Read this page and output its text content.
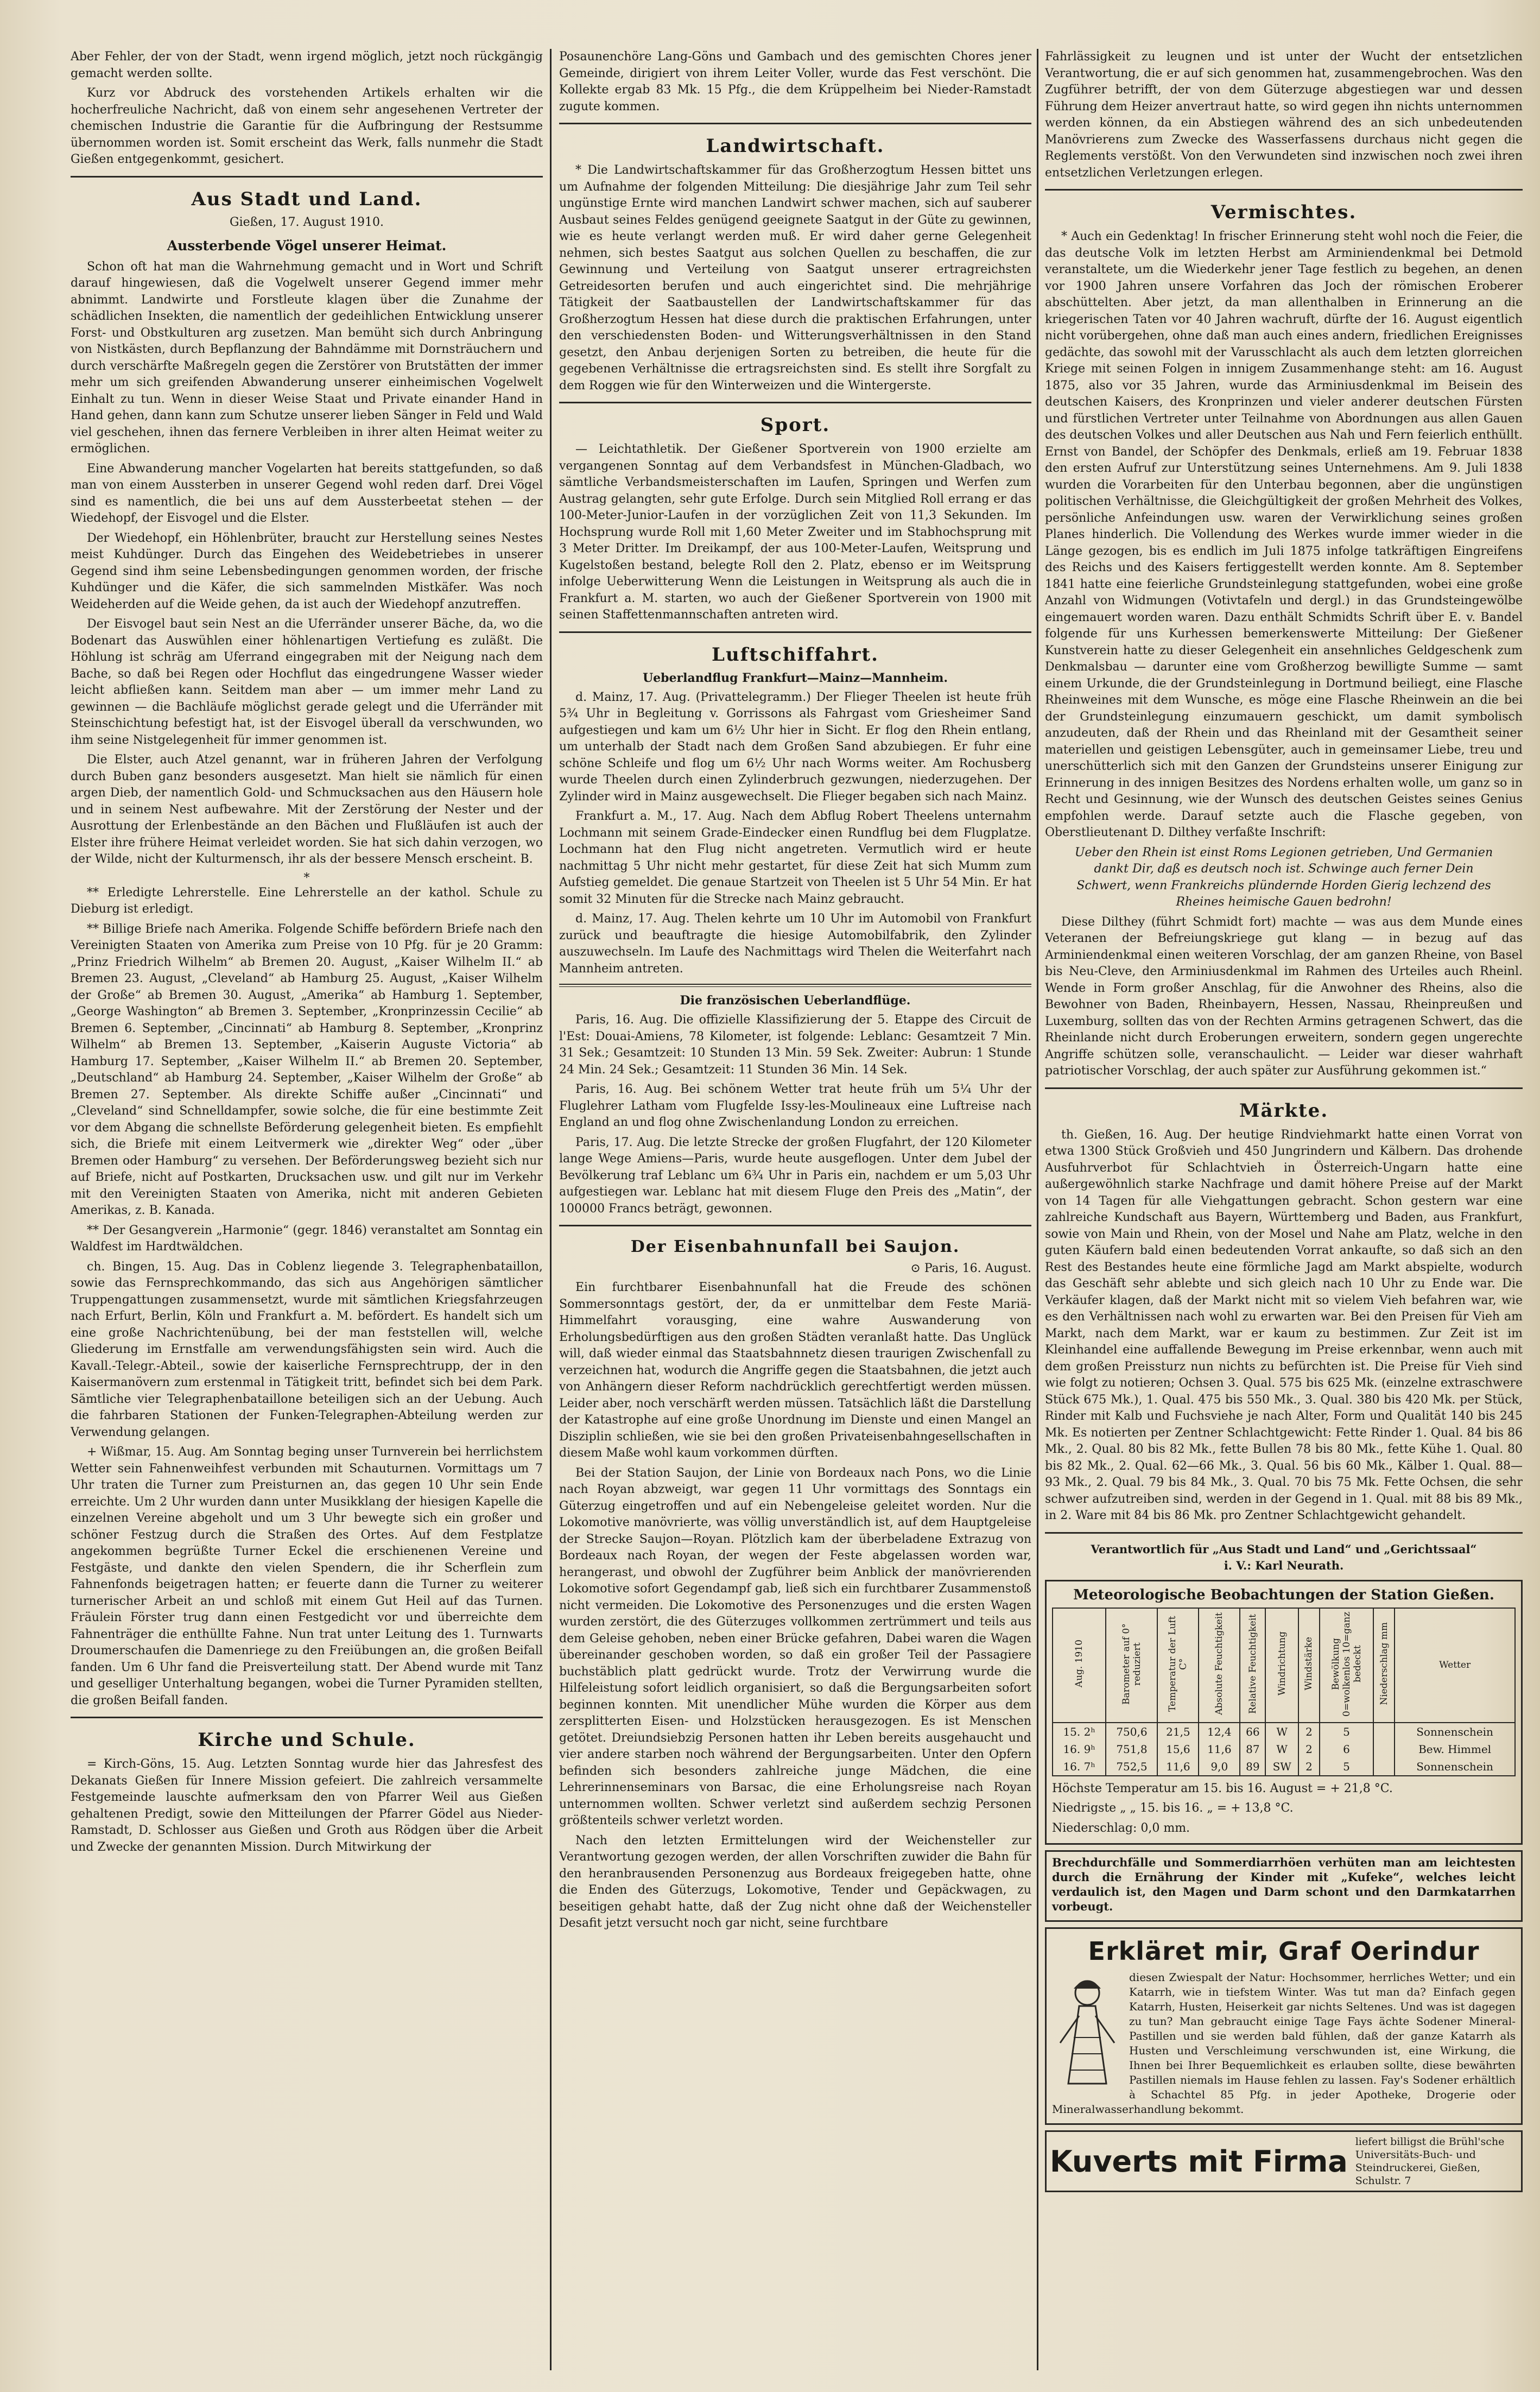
Aber Fehler, der von der Stadt, wenn irgend möglich, jetzt noch rückgängig gemacht werden sollte.

Kurz vor Abdruck des vorstehenden Artikels erhalten wir die hocherfreuliche Nachricht, daß von einem sehr angesehenen Vertreter der chemischen Industrie die Garantie für die Aufbringung der Restsumme übernommen worden ist. Somit erscheint das Werk, falls nunmehr die Stadt Gießen entgegenkommt, gesichert.

Aus Stadt und Land.
Gießen, 17. August 1910.
Aussterbende Vögel unserer Heimat.

Schon oft hat man die Wahrnehmung gemacht und in Wort und Schrift darauf hingewiesen, daß die Vogelwelt unserer Gegend immer mehr abnimmt. Landwirte und Forstleute klagen über die Zunahme der schädlichen Insekten, die namentlich der gedeihlichen Entwicklung unserer Forst- und Obstkulturen arg zusetzen. Man bemüht sich durch Anbringung von Nistkästen, durch Bepflanzung der Bahndämme mit Dornsträuchern und durch verschärfte Maßregeln gegen die Zerstörer von Brutstätten der immer mehr um sich greifenden Abwanderung unserer einheimischen Vogelwelt Einhalt zu tun. Wenn in dieser Weise Staat und Private einander Hand in Hand gehen, dann kann zum Schutze unserer lieben Sänger in Feld und Wald viel geschehen, ihnen das fernere Verbleiben in ihrer alten Heimat weiter zu ermöglichen.

Eine Abwanderung mancher Vogelarten hat bereits stattgefunden, so daß man von einem Aussterben in unserer Gegend wohl reden darf. Drei Vögel sind es namentlich, die bei uns auf dem Aussterbeetat stehen — der Wiedehopf, der Eisvogel und die Elster.

Der Wiedehopf, ein Höhlenbrüter, braucht zur Herstellung seines Nestes meist Kuhdünger. Durch das Eingehen des Weidebetriebes in unserer Gegend sind ihm seine Lebensbedingungen genommen worden, der frische Kuhdünger und die Käfer, die sich sammelnden Mistkäfer. Was noch Weideherden auf die Weide gehen, da ist auch der Wiedehopf anzutreffen.

Der Eisvogel baut sein Nest an die Uferränder unserer Bäche, da, wo die Bodenart das Auswühlen einer höhlenartigen Vertiefung es zuläßt. Die Höhlung ist schräg am Uferrand eingegraben mit der Neigung nach dem Bache, so daß bei Regen oder Hochflut das eingedrungene Wasser wieder leicht abfließen kann. Seitdem man aber — um immer mehr Land zu gewinnen — die Bachläufe möglichst gerade gelegt und die Uferränder mit Steinschichtung befestigt hat, ist der Eisvogel überall da verschwunden, wo ihm seine Nistgelegenheit für immer genommen ist.

Die Elster, auch Atzel genannt, war in früheren Jahren der Verfolgung durch Buben ganz besonders ausgesetzt. Man hielt sie nämlich für einen argen Dieb, der namentlich Gold- und Schmucksachen aus den Häusern hole und in seinem Nest aufbewahre. Mit der Zerstörung der Nester und der Ausrottung der Erlenbestände an den Bächen und Flußläufen ist auch der Elster ihre frühere Heimat verleidet worden. Sie hat sich dahin verzogen, wo der Wilde, nicht der Kulturmensch, ihr als der bessere Mensch erscheint. B.

*

** Erledigte Lehrerstelle. Eine Lehrerstelle an der kathol. Schule zu Dieburg ist erledigt.

** Billige Briefe nach Amerika. Folgende Schiffe befördern Briefe nach den Vereinigten Staaten von Amerika zum Preise von 10 Pfg. für je 20 Gramm: „Prinz Friedrich Wilhelm“ ab Bremen 20. August, „Kaiser Wilhelm II.“ ab Bremen 23. August, „Cleveland“ ab Hamburg 25. August, „Kaiser Wilhelm der Große“ ab Bremen 30. August, „Amerika“ ab Hamburg 1. September, „George Washington“ ab Bremen 3. September, „Kronprinzessin Cecilie“ ab Bremen 6. September, „Cincinnati“ ab Hamburg 8. September, „Kronprinz Wilhelm“ ab Bremen 13. September, „Kaiserin Auguste Victoria“ ab Hamburg 17. September, „Kaiser Wilhelm II.“ ab Bremen 20. September, „Deutschland“ ab Hamburg 24. September, „Kaiser Wilhelm der Große“ ab Bremen 27. September. Als direkte Schiffe außer „Cincinnati“ und „Cleveland“ sind Schnelldampfer, sowie solche, die für eine bestimmte Zeit vor dem Abgang die schnellste Beförderung gelegenheit bieten. Es empfiehlt sich, die Briefe mit einem Leitvermerk wie „direkter Weg“ oder „über Bremen oder Hamburg“ zu versehen. Der Beförderungsweg bezieht sich nur auf Briefe, nicht auf Postkarten, Drucksachen usw. und gilt nur im Verkehr mit den Vereinigten Staaten von Amerika, nicht mit anderen Gebieten Amerikas, z. B. Kanada.

** Der Gesangverein „Harmonie“ (gegr. 1846) veranstaltet am Sonntag ein Waldfest im Hardtwäldchen.

ch. Bingen, 15. Aug. Das in Coblenz liegende 3. Telegraphenbataillon, sowie das Fernsprechkommando, das sich aus Angehörigen sämtlicher Truppengattungen zusammensetzt, wurde mit sämtlichen Kriegsfahrzeugen nach Erfurt, Berlin, Köln und Frankfurt a. M. befördert. Es handelt sich um eine große Nachrichtenübung, bei der man feststellen will, welche Gliederung im Ernstfalle am verwendungsfähigsten sein wird. Auch die Kavall.-Telegr.-Abteil., sowie der kaiserliche Fernsprechtrupp, der in den Kaisermanövern zum erstenmal in Tätigkeit tritt, befindet sich bei dem Park. Sämtliche vier Telegraphenbataillone beteiligen sich an der Uebung. Auch die fahrbaren Stationen der Funken-Telegraphen-Abteilung werden zur Verwendung gelangen.

+ Wißmar, 15. Aug. Am Sonntag beging unser Turnverein bei herrlichstem Wetter sein Fahnenweihfest verbunden mit Schauturnen. Vormittags um 7 Uhr traten die Turner zum Preisturnen an, das gegen 10 Uhr sein Ende erreichte. Um 2 Uhr wurden dann unter Musikklang der hiesigen Kapelle die einzelnen Vereine abgeholt und um 3 Uhr bewegte sich ein großer und schöner Festzug durch die Straßen des Ortes. Auf dem Festplatze angekommen begrüßte Turner Eckel die erschienenen Vereine und Festgäste, und dankte den vielen Spendern, die ihr Scherflein zum Fahnenfonds beigetragen hatten; er feuerte dann die Turner zu weiterer turnerischer Arbeit an und schloß mit einem Gut Heil auf das Turnen. Fräulein Förster trug dann einen Festgedicht vor und überreichte dem Fahnenträger die enthüllte Fahne. Nun trat unter Leitung des 1. Turnwarts Droumerschaufen die Damenriege zu den Freiübungen an, die großen Beifall fanden. Um 6 Uhr fand die Preisverteilung statt. Der Abend wurde mit Tanz und geselliger Unterhaltung begangen, wobei die Turner Pyramiden stellten, die großen Beifall fanden.

Kirche und Schule.

= Kirch-Göns, 15. Aug. Letzten Sonntag wurde hier das Jahresfest des Dekanats Gießen für Innere Mission gefeiert. Die zahlreich versammelte Festgemeinde lauschte aufmerksam den von Pfarrer Weil aus Gießen gehaltenen Predigt, sowie den Mitteilungen der Pfarrer Gödel aus Nieder-Ramstadt, D. Schlosser aus Gießen und Groth aus Rödgen über die Arbeit und Zwecke der genannten Mission. Durch Mitwirkung der

Posaunenchöre Lang-Göns und Gambach und des gemischten Chores jener Gemeinde, dirigiert von ihrem Leiter Voller, wurde das Fest verschönt. Die Kollekte ergab 83 Mk. 15 Pfg., die dem Krüppelheim bei Nieder-Ramstadt zugute kommen.

Landwirtschaft.

* Die Landwirtschaftskammer für das Großherzogtum Hessen bittet uns um Aufnahme der folgenden Mitteilung: Die diesjährige Jahr zum Teil sehr ungünstige Ernte wird manchen Landwirt schwer machen, sich auf sauberer Ausbaut seines Feldes genügend geeignete Saatgut in der Güte zu gewinnen, wie es heute verlangt werden muß. Er wird daher gerne Gelegenheit nehmen, sich bestes Saatgut aus solchen Quellen zu beschaffen, die zur Gewinnung und Verteilung von Saatgut unserer ertragreichsten Getreidesorten berufen und auch eingerichtet sind. Die mehrjährige Tätigkeit der Saatbaustellen der Landwirtschaftskammer für das Großherzogtum Hessen hat diese durch die praktischen Erfahrungen, unter den verschiedensten Boden- und Witterungsverhältnissen in den Stand gesetzt, den Anbau derjenigen Sorten zu betreiben, die heute für die gegebenen Verhältnisse die ertragsreichsten sind. Es stellt ihre Sorgfalt zu dem Roggen wie für den Winterweizen und die Wintergerste.

Sport.

— Leichtathletik. Der Gießener Sportverein von 1900 erzielte am vergangenen Sonntag auf dem Verbandsfest in München-Gladbach, wo sämtliche Verbandsmeisterschaften im Laufen, Springen und Werfen zum Austrag gelangten, sehr gute Erfolge. Durch sein Mitglied Roll errang er das 100-Meter-Junior-Laufen in der vorzüglichen Zeit von 11,3 Sekunden. Im Hochsprung wurde Roll mit 1,60 Meter Zweiter und im Stabhochsprung mit 3 Meter Dritter. Im Dreikampf, der aus 100-Meter-Laufen, Weitsprung und Kugelstoßen bestand, belegte Roll den 2. Platz, ebenso er im Weitsprung infolge Ueberwitterung Wenn die Leistungen in Weitsprung als auch die in Frankfurt a. M. starten, wo auch der Gießener Sportverein von 1900 mit seinen Staffettenmannschaften antreten wird.

Luftschiffahrt.
Ueberlandflug Frankfurt—Mainz—Mannheim.

d. Mainz, 17. Aug. (Privattelegramm.) Der Flieger Theelen ist heute früh 5¾ Uhr in Begleitung v. Gorrissons als Fahrgast vom Griesheimer Sand aufgestiegen und kam um 6½ Uhr hier in Sicht. Er flog den Rhein entlang, um unterhalb der Stadt nach dem Großen Sand abzubiegen. Er fuhr eine schöne Schleife und flog um 6½ Uhr nach Worms weiter. Am Rochusberg wurde Theelen durch einen Zylinderbruch gezwungen, niederzugehen. Der Zylinder wird in Mainz ausgewechselt. Die Flieger begaben sich nach Mainz.

Frankfurt a. M., 17. Aug. Nach dem Abflug Robert Theelens unternahm Lochmann mit seinem Grade-Eindecker einen Rundflug bei dem Flugplatze. Lochmann hat den Flug nicht angetreten. Vermutlich wird er heute nachmittag 5 Uhr nicht mehr gestartet, für diese Zeit hat sich Mumm zum Aufstieg gemeldet. Die genaue Startzeit von Theelen ist 5 Uhr 54 Min. Er hat somit 32 Minuten für die Strecke nach Mainz gebraucht.

d. Mainz, 17. Aug. Thelen kehrte um 10 Uhr im Automobil von Frankfurt zurück und beauftragte die hiesige Automobilfabrik, den Zylinder auszuwechseln. Im Laufe des Nachmittags wird Thelen die Weiterfahrt nach Mannheim antreten.

Die französischen Ueberlandflüge.

Paris, 16. Aug. Die offizielle Klassifizierung der 5. Etappe des Circuit de l'Est: Douai-Amiens, 78 Kilometer, ist folgende: Leblanc: Gesamtzeit 7 Min. 31 Sek.; Gesamtzeit: 10 Stunden 13 Min. 59 Sek. Zweiter: Aubrun: 1 Stunde 24 Min. 24 Sek.; Gesamtzeit: 11 Stunden 36 Min. 14 Sek.

Paris, 16. Aug. Bei schönem Wetter trat heute früh um 5¼ Uhr der Fluglehrer Latham vom Flugfelde Issy-les-Moulineaux eine Luftreise nach England an und flog ohne Zwischenlandung London zu erreichen.

Paris, 17. Aug. Die letzte Strecke der großen Flugfahrt, der 120 Kilometer lange Wege Amiens—Paris, wurde heute ausgeflogen. Unter dem Jubel der Bevölkerung traf Leblanc um 6¾ Uhr in Paris ein, nachdem er um 5,03 Uhr aufgestiegen war. Leblanc hat mit diesem Fluge den Preis des „Matin“, der 100000 Francs beträgt, gewonnen.

Der Eisenbahnunfall bei Saujon.
⊙ Paris, 16. August.

Ein furchtbarer Eisenbahnunfall hat die Freude des schönen Sommersonntags gestört, der, da er unmittelbar dem Feste Mariä-Himmelfahrt vorausging, eine wahre Auswanderung von Erholungsbedürftigen aus den großen Städten veranlaßt hatte. Das Unglück will, daß wieder einmal das Staatsbahnnetz diesen traurigen Zwischenfall zu verzeichnen hat, wodurch die Angriffe gegen die Staatsbahnen, die jetzt auch von Anhängern dieser Reform nachdrücklich gerechtfertigt werden müssen. Leider aber, noch verschärft werden müssen. Tatsächlich läßt die Darstellung der Katastrophe auf eine große Unordnung im Dienste und einen Mangel an Disziplin schließen, wie sie bei den großen Privateisenbahngesellschaften in diesem Maße wohl kaum vorkommen dürften.

Bei der Station Saujon, der Linie von Bordeaux nach Pons, wo die Linie nach Royan abzweigt, war gegen 11 Uhr vormittags des Sonntags ein Güterzug eingetroffen und auf ein Nebengeleise geleitet worden. Nur die Lokomotive manövrierte, was völlig unverständlich ist, auf dem Hauptgeleise der Strecke Saujon—Royan. Plötzlich kam der überbeladene Extrazug von Bordeaux nach Royan, der wegen der Feste abgelassen worden war, herangerast, und obwohl der Zugführer beim Anblick der manövrierenden Lokomotive sofort Gegendampf gab, ließ sich ein furchtbarer Zusammenstoß nicht vermeiden. Die Lokomotive des Personenzuges und die ersten Wagen wurden zerstört, die des Güterzuges vollkommen zertrümmert und teils aus dem Geleise gehoben, neben einer Brücke gefahren, Dabei waren die Wagen übereinander geschoben worden, so daß ein großer Teil der Passagiere buchstäblich platt gedrückt wurde. Trotz der Verwirrung wurde die Hilfeleistung sofort leidlich organisiert, so daß die Bergungsarbeiten sofort beginnen konnten. Mit unendlicher Mühe wurden die Körper aus dem zersplitterten Eisen- und Holzstücken herausgezogen. Es ist Menschen getötet. Dreiundsiebzig Personen hatten ihr Leben bereits ausgehaucht und vier andere starben noch während der Bergungsarbeiten. Unter den Opfern befinden sich besonders zahlreiche junge Mädchen, die eine Lehrerinnenseminars von Barsac, die eine Erholungsreise nach Royan unternommen wollten. Schwer verletzt sind außerdem sechzig Personen größtenteils schwer verletzt worden.

Nach den letzten Ermittelungen wird der Weichensteller zur Verantwortung gezogen werden, der allen Vorschriften zuwider die Bahn für den heranbrausenden Personenzug aus Bordeaux freigegeben hatte, ohne die Enden des Güterzugs, Lokomotive, Tender und Gepäckwagen, zu beseitigen gehabt hatte, daß der Zug nicht ohne daß der Weichensteller Desafit jetzt versucht noch gar nicht, seine furchtbare

Fahrlässigkeit zu leugnen und ist unter der Wucht der entsetzlichen Verantwortung, die er auf sich genommen hat, zusammengebrochen. Was den Zugführer betrifft, der von dem Güterzuge abgestiegen war und dessen Führung dem Heizer anvertraut hatte, so wird gegen ihn nichts unternommen werden können, da ein Abstiegen während des an sich unbedeutenden Manövrierens zum Zwecke des Wasserfassens durchaus nicht gegen die Reglements verstößt. Von den Verwundeten sind inzwischen noch zwei ihren entsetzlichen Verletzungen erlegen.

Vermischtes.

* Auch ein Gedenktag! In frischer Erinnerung steht wohl noch die Feier, die das deutsche Volk im letzten Herbst am Arminiendenkmal bei Detmold veranstaltete, um die Wiederkehr jener Tage festlich zu begehen, an denen vor 1900 Jahren unsere Vorfahren das Joch der römischen Eroberer abschüttelten. Aber jetzt, da man allenthalben in Erinnerung an die kriegerischen Taten vor 40 Jahren wachruft, dürfte der 16. August eigentlich nicht vorübergehen, ohne daß man auch eines andern, friedlichen Ereignisses gedächte, das sowohl mit der Varusschlacht als auch dem letzten glorreichen Kriege mit seinen Folgen in innigem Zusammenhange steht: am 16. August 1875, also vor 35 Jahren, wurde das Arminiusdenkmal im Beisein des deutschen Kaisers, des Kronprinzen und vieler anderer deutschen Fürsten und fürstlichen Vertreter unter Teilnahme von Abordnungen aus allen Gauen des deutschen Volkes und aller Deutschen aus Nah und Fern feierlich enthüllt. Ernst von Bandel, der Schöpfer des Denkmals, erließ am 19. Februar 1838 den ersten Aufruf zur Unterstützung seines Unternehmens. Am 9. Juli 1838 wurden die Vorarbeiten für den Unterbau begonnen, aber die ungünstigen politischen Verhältnisse, die Gleichgültigkeit der großen Mehrheit des Volkes, persönliche Anfeindungen usw. waren der Verwirklichung seines großen Planes hinderlich. Die Vollendung des Werkes wurde immer wieder in die Länge gezogen, bis es endlich im Juli 1875 infolge tatkräftigen Eingreifens des Reichs und des Kaisers fertiggestellt werden konnte. Am 8. September 1841 hatte eine feierliche Grundsteinlegung stattgefunden, wobei eine große Anzahl von Widmungen (Votivtafeln und dergl.) in das Grundsteingewölbe eingemauert worden waren. Dazu enthält Schmidts Schrift über E. v. Bandel folgende für uns Kurhessen bemerkenswerte Mitteilung: Der Gießener Kunstverein hatte zu dieser Gelegenheit ein ansehnliches Geldgeschenk zum Denkmalsbau — darunter eine vom Großherzog bewilligte Summe — samt einem Urkunde, die der Grundsteinlegung in Dortmund beiliegt, eine Flasche Rheinweines mit dem Wunsche, es möge eine Flasche Rheinwein an die bei der Grundsteinlegung einzumauern geschickt, um damit symbolisch anzudeuten, daß der Rhein und das Rheinland mit der Gesamtheit seiner materiellen und geistigen Lebensgüter, auch in gemeinsamer Liebe, treu und unerschütterlich sich mit den Ganzen der Grundsteins unserer Einigung zur Erinnerung in des innigen Besitzes des Nordens erhalten wolle, um ganz so in Recht und Gesinnung, wie der Wunsch des deutschen Geistes seines Genius empfohlen werde. Darauf setzte auch die Flasche gegeben, von Oberstlieutenant D. Dilthey verfaßte Inschrift:

Ueber den Rhein ist einst Roms Legionen getrieben, Und Germanien dankt Dir, daß es deutsch noch ist. Schwinge auch ferner Dein Schwert, wenn Frankreichs plündernde Horden Gierig lechzend des Rheines heimische Gauen bedrohn!

Diese Dilthey (führt Schmidt fort) machte — was aus dem Munde eines Veteranen der Befreiungskriege gut klang — in bezug auf das Arminiendenkmal einen weiteren Vorschlag, der am ganzen Rheine, von Basel bis Neu-Cleve, den Arminiusdenkmal im Rahmen des Urteiles auch Rheinl. Wende in Form großer Anschlag, für die Anwohner des Rheins, also die Bewohner von Baden, Rheinbayern, Hessen, Nassau, Rheinpreußen und Luxemburg, sollten das von der Rechten Armins getragenen Schwert, das die Rheinlande nicht durch Eroberungen erweitern, sondern gegen ungerechte Angriffe schützen solle, veranschaulicht. — Leider war dieser wahrhaft patriotischer Vorschlag, der auch später zur Ausführung gekommen ist.“

Märkte.

th. Gießen, 16. Aug. Der heutige Rindviehmarkt hatte einen Vorrat von etwa 1300 Stück Großvieh und 450 Jungrindern und Kälbern. Das drohende Ausfuhrverbot für Schlachtvieh in Österreich-Ungarn hatte eine außergewöhnlich starke Nachfrage und damit höhere Preise auf der Markt von 14 Tagen für alle Viehgattungen gebracht. Schon gestern war eine zahlreiche Kundschaft aus Bayern, Württemberg und Baden, aus Frankfurt, sowie von Main und Rhein, von der Mosel und Nahe am Platz, welche in den guten Käufern bald einen bedeutenden Vorrat ankaufte, so daß sich an den Rest des Bestandes heute eine förmliche Jagd am Markt abspielte, wodurch das Geschäft sehr ablebte und sich gleich nach 10 Uhr zu Ende war. Die Verkäufer klagen, daß der Markt nicht mit so vielem Vieh befahren war, wie es den Verhältnissen nach wohl zu erwarten war. Bei den Preisen für Vieh am Markt, nach dem Markt, war er kaum zu bestimmen. Zur Zeit ist im Kleinhandel eine auffallende Bewegung im Preise erkennbar, wenn auch mit dem großen Preissturz nun nichts zu befürchten ist. Die Preise für Vieh sind wie folgt zu notieren; Ochsen 3. Qual. 575 bis 625 Mk. (einzelne extraschwere Stück 675 Mk.), 1. Qual. 475 bis 550 Mk., 3. Qual. 380 bis 420 Mk. per Stück, Rinder mit Kalb und Fuchsviehe je nach Alter, Form und Qualität 140 bis 245 Mk. Es notierten per Zentner Schlachtgewicht: Fette Rinder 1. Qual. 84 bis 86 Mk., 2. Qual. 80 bis 82 Mk., fette Bullen 78 bis 80 Mk., fette Kühe 1. Qual. 80 bis 82 Mk., 2. Qual. 62—66 Mk., 3. Qual. 56 bis 60 Mk., Kälber 1. Qual. 88—93 Mk., 2. Qual. 79 bis 84 Mk., 3. Qual. 70 bis 75 Mk. Fette Ochsen, die sehr schwer aufzutreiben sind, werden in der Gegend in 1. Qual. mit 88 bis 89 Mk., in 2. Ware mit 84 bis 86 Mk. pro Zentner Schlachtgewicht gehandelt.

Verantwortlich für „Aus Stadt und Land“ und „Gerichtssaal“

i. V.: Karl Neurath.

Meteorologische Beobachtungen der Station Gießen.
Aug. 1910	Barometer auf 0° reduziert	Temperatur der Luft C°	Absolute Feuchtigkeit	Relative Feuchtigkeit	Windrichtung	Windstärke	Bewölkung 0=wolkenlos 10=ganz bedeckt	Niederschlag mm	Wetter
15. 2ʰ	750,6	21,5	12,4	66	W	2	5		Sonnenschein
16. 9ʰ	751,8	15,6	11,6	87	W	2	6		Bew. Himmel
16. 7ʰ	752,5	11,6	9,0	89	SW	2	5		Sonnenschein

Höchste Temperatur am 15. bis 16. August = + 21,8 °C.

Niedrigste „ „ 15. bis 16. „ = + 13,8 °C.

Niederschlag: 0,0 mm.

Brechdurchfälle und Sommerdiarrhöen verhüten man am leichtesten durch die Ernährung der Kinder mit „Kufeke“, welches leicht verdaulich ist, den Magen und Darm schont und den Darmkatarrhen vorbeugt.

Erkläret mir, Graf Oerindur

diesen Zwiespalt der Natur: Hochsommer, herrliches Wetter; und ein Katarrh, wie in tiefstem Winter. Was tut man da? Einfach gegen Katarrh, Husten, Heiserkeit gar nichts Seltenes. Und was ist dagegen zu tun? Man gebraucht einige Tage Fays ächte Sodener Mineral-Pastillen und sie werden bald fühlen, daß der ganze Katarrh als Husten und Verschleimung verschwunden ist, eine Wirkung, die Ihnen bei Ihrer Bequemlichkeit es erlauben sollte, diese bewährten Pastillen niemals im Hause fehlen zu lassen. Fay's Sodener erhältlich à Schachtel 85 Pfg. in jeder Apotheke, Drogerie oder Mineralwasserhandlung bekommt.

Kuverts mit Firma
liefert billigst die Brühl'sche Universitäts-Buch- und Steindruckerei, Gießen, Schulstr. 7
